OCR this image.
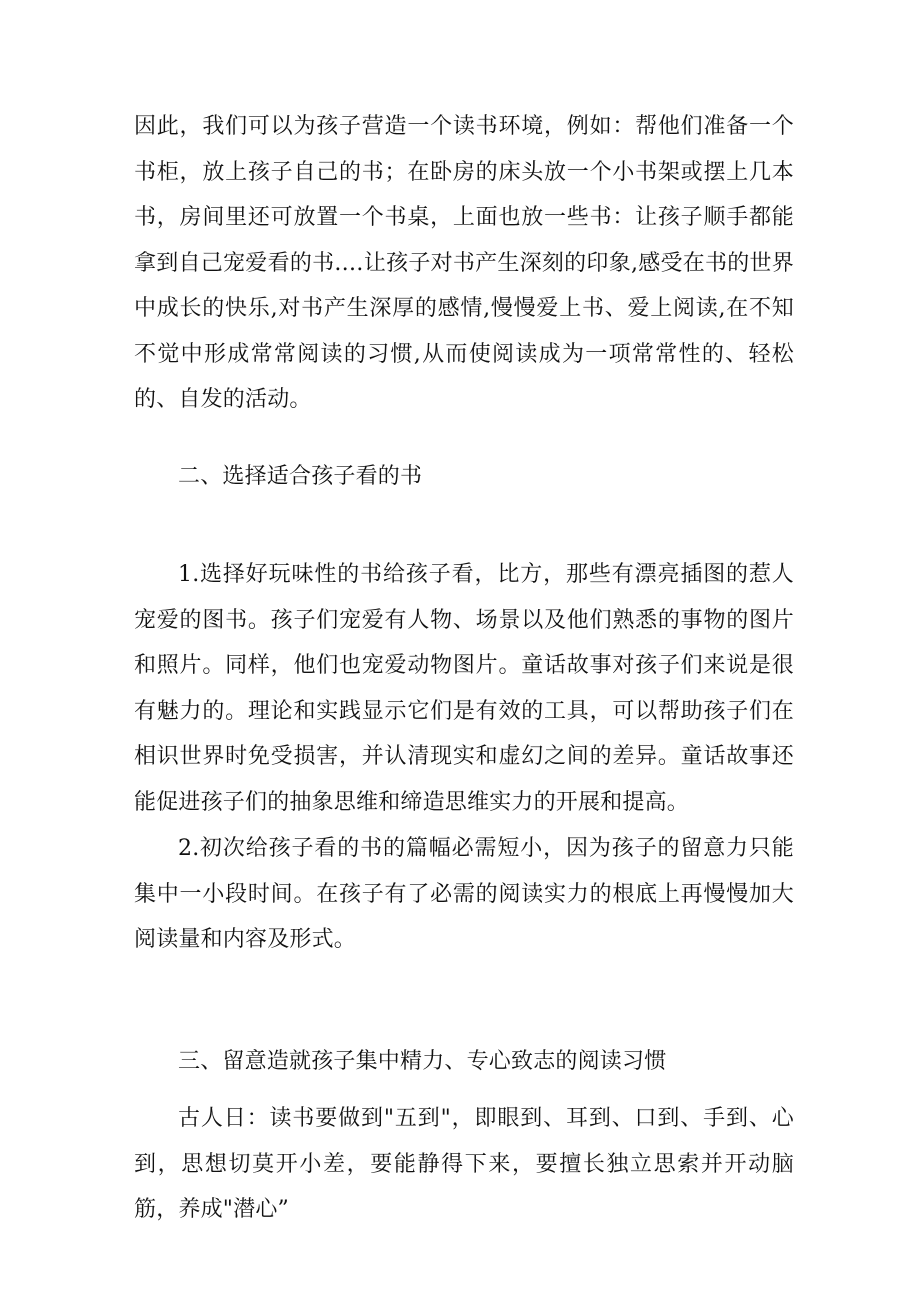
因此，我们可以为孩子营造一个读书环境，例如：帮他们准备一个书柜，放上孩子自己的书；在卧房的床头放一个小书架或摆上几本书，房间里还可放置一个书桌，上面也放一些书：让孩子顺手都能拿到自己宠爱看的书.…让孩子对书产生深刻的印象,感受在书的世界中成长的快乐,对书产生深厚的感情,慢慢爱上书、爱上阅读,在不知不觉中形成常常阅读的习惯,从而使阅读成为一项常常性的、轻松的、自发的活动。

二、选择适合孩子看的书

1.选择好玩味性的书给孩子看，比方，那些有漂亮插图的惹人宠爱的图书。孩子们宠爱有人物、场景以及他们熟悉的事物的图片和照片。同样，他们也宠爱动物图片。童话故事对孩子们来说是很有魅力的。理论和实践显示它们是有效的工具，可以帮助孩子们在相识世界时免受损害，并认清现实和虚幻之间的差异。童话故事还能促进孩子们的抽象思维和缔造思维实力的开展和提高。

2.初次给孩子看的书的篇幅必需短小，因为孩子的留意力只能集中一小段时间。在孩子有了必需的阅读实力的根底上再慢慢加大阅读量和内容及形式。

三、留意造就孩子集中精力、专心致志的阅读习惯

古人日：读书要做到"五到"，即眼到、耳到、口到、手到、心到，思想切莫开小差，要能静得下来，要擅长独立思索并开动脑筋，养成"潜心”
